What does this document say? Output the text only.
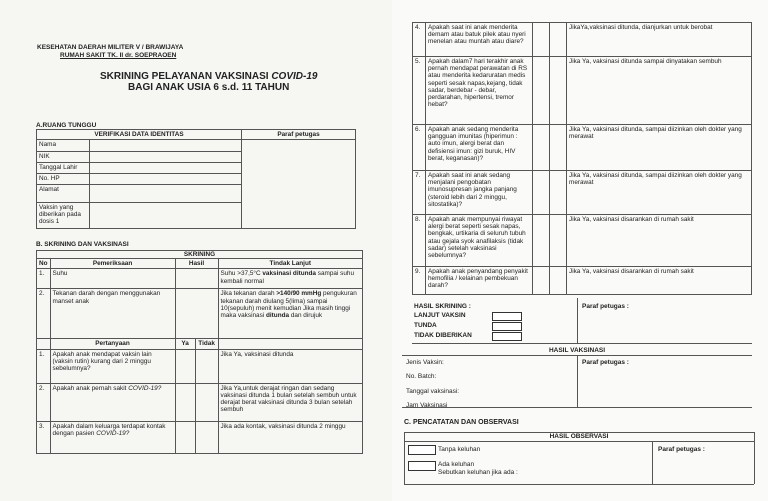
KESEHATAN DAERAH MILITER V / BRAWIJAYA
RUMAH SAKIT TK. II dr. SOEPRAOEN
SKRINING PELAYANAN VAKSINASI COVID-19
BAGI ANAK USIA 6 s.d. 11 TAHUN
A.RUANG TUNGGU
VERIFIKASI DATA IDENTITAS	Paraf petugas

Nama	
NIK	
Tanggal Lahir	
No. HP	
Alamat	
Vaksin yang diberikan pada dosis 1	

B. SKRINING DAN VAKSINASI
SKRINING				
No	Pemeriksaan	Hasil		Tindak Lanjut
1.	Suhu			Suhu >37,5°C vaksinasi ditunda sampai suhu kembali normal
2.	Tekanan darah dengan menggunakan manset anak			Jika tekanan darah >140/90 mmHg pengukuran tekanan darah diulang 5(lima) sampai 10(sepuluh) menit kemudian Jika masih tinggi maka vaksinasi ditunda dan dirujuk
	Pertanyaan	Ya	Tidak	
1.	Apakah anak mendapat vaksin lain (vaksin rutin) kurang dari 2 minggu sebelumnya?			Jika Ya, vaksinasi ditunda
2.	Apakah anak pernah sakit COVID-19?			Jika Ya,untuk derajat ringan dan sedang vaksinasi ditunda 1 bulan setelah sembuh untuk derajat berat vaksinasi ditunda 3 bulan setelah sembuh
3.	Apakah dalam keluarga terdapat kontak dengan pasien COVID-19?			Jika ada kontak, vaksinasi ditunda 2 minggu
4.	Apakah saat ini anak menderita demam atau batuk pilek atau nyeri menelan atau muntah atau diare?			JikaYa,vaksinasi ditunda, dianjurkan untuk berobat
5.	Apakah dalam7 hari terakhir anak pernah mendapat perawatan di RS atau menderita kedaruratan medis seperti sesak napas,kejang, tidak sadar, berdebar - debar, perdarahan, hipertensi, tremor hebat?			Jika Ya, vaksinasi ditunda sampai dinyatakan sembuh
6.	Apakah anak sedang menderita gangguan imunitas (hiperimun : auto imun, alergi berat dan defisiensi imun: gizi buruk, HIV berat, keganasan)?			Jika Ya, vaksinasi ditunda, sampai diizinkan oleh dokter yang merawat
7.	Apakah saat ini anak sedang menjalani pengobatan imunosupresan jangka panjang (steroid lebih dari 2 minggu, sitostatika)?			Jika Ya, vaksinasi ditunda, sampai diizinkan oleh dokter yang merawat
8.	Apakah anak mempunyai riwayat alergi berat seperti sesak napas, bengkak, urtikaria di seluruh tubuh atau gejala syok anafilaksis (tidak sadar) setelah vaksinasi sebelumnya?			Jika Ya, vaksinasi disarankan di rumah sakit
9.	Apakah anak penyandang penyakit hemofilia / kelainan pembekuan darah?			Jika Ya, vaksinasi disarankan di rumah sakit
HASIL SKRINING :	Paraf petugas :
LANJUT VAKSIN
TUNDA
TIDAK DIBERIKAN
HASIL VAKSINASI
Jenis Vaksin:
No. Batch:
Tanggal vaksinasi:
Jam Vaksinasi
Paraf petugas :
C. PENCATATAN DAN OBSERVASI
HASIL OBSERVASI
Tanpa keluhan
Ada keluhan
Sebutkan keluhan jika ada :
Paraf petugas :
